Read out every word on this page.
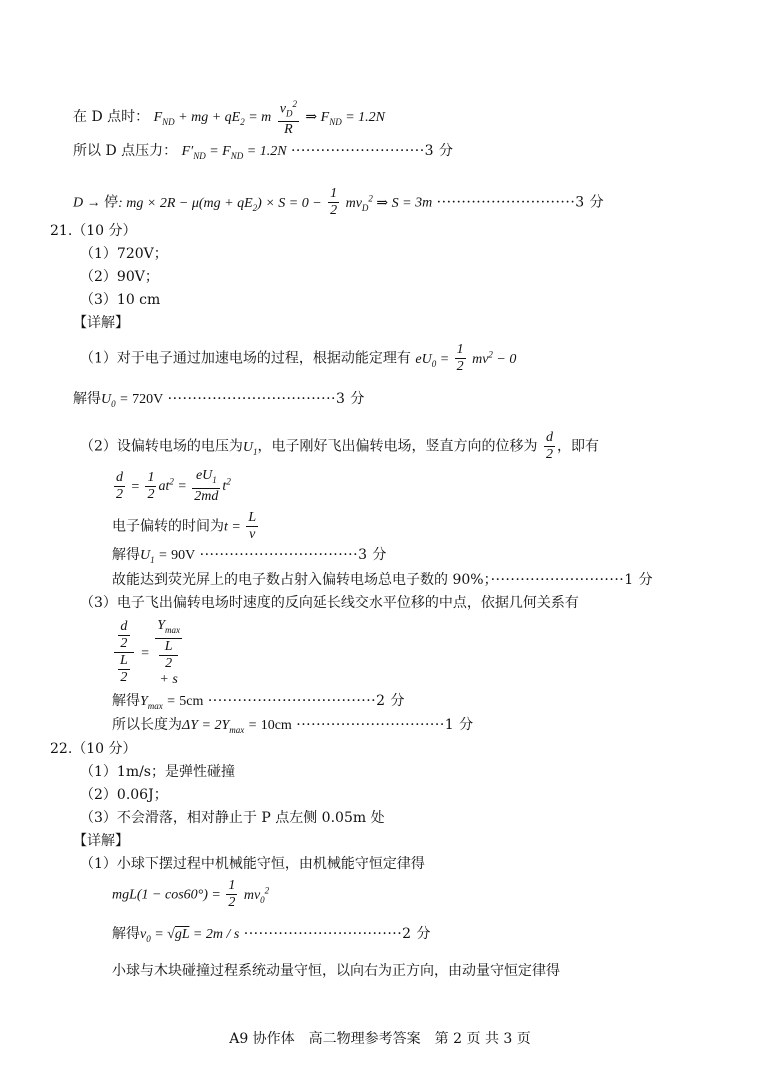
在 D 点时： $F_{ND}$ + mg + $qE_2 = m \frac{v_D^2}{R}$ ⇒ $F_{ND} = 1.2N$
所以 D 点压力： $F'_{ND} = F_{ND} = 1.2N \cdot\cdot\cdot\cdot\cdot\cdot\cdot\cdot\cdot\cdot\cdot\cdot\cdot\cdot\cdot\cdot\cdot\cdot\cdot\cdot\cdot\cdot\cdot\cdot\cdot\cdot\cdot 3$ 分
D → 停: mg × $2R - \mu(mg + qE_2) \times S = 0 - \frac{1}{2} mv_D^2$ ⇒ S = 3m ····························3 分
21.（10 分）
（1）720V；
（2）90V；
（3）10 cm
【详解】
（1）对于电子通过加速电场的过程，根据动能定理有 $eU_0 = \frac{1}{2} mv^2 - 0$
解得$U_0 = 720V \cdot\cdot\cdot\cdot\cdot\cdot\cdot\cdot\cdot\cdot\cdot\cdot\cdot\cdot\cdot\cdot\cdot\cdot\cdot\cdot\cdot\cdot\cdot\cdot\cdot\cdot\cdot\cdot\cdot\cdot\cdot\cdot\cdot\cdot 3$ 分
（2）设偏转电场的电压为$U_1$，电子刚好飞出偏转电场，竖直方向的位移为 $\frac{d}{2}$ ，即有
$\frac{d}{2} = \frac{1}{2} at^2 = \frac{eU_1}{2md} t^2$
电子偏转的时间为$t = \frac{L}{v}$
解得$U_1 = 90V \cdot\cdot\cdot\cdot\cdot\cdot\cdot\cdot\cdot\cdot\cdot\cdot\cdot\cdot\cdot\cdot\cdot\cdot\cdot\cdot\cdot\cdot\cdot\cdot\cdot\cdot\cdot\cdot\cdot\cdot\cdot\cdot 3$ 分
故能达到荧光屏上的电子数占射入偏转电场总电子数的 90%；···························1 分
（3）电子飞出偏转电场时速度的反向延长线交水平位移的中点，依据几何关系有
d
2
L
$2 = Y_{max}$
L
2
+ s
解得$Y_{max} = 5cm \cdot\cdot\cdot\cdot\cdot\cdot\cdot\cdot\cdot\cdot\cdot\cdot\cdot\cdot\cdot\cdot\cdot\cdot\cdot\cdot\cdot\cdot\cdot\cdot\cdot\cdot\cdot\cdot\cdot\cdot\cdot\cdot\cdot\cdot 2$ 分
所以长度为$\Delta Y = 2Y_{max} = 10cm \cdot\cdot\cdot\cdot\cdot\cdot\cdot\cdot\cdot\cdot\cdot\cdot\cdot\cdot\cdot\cdot\cdot\cdot\cdot\cdot\cdot\cdot\cdot\cdot\cdot\cdot\cdot\cdot\cdot\cdot 1$ 分
22.（10 分）
（1）1m/s；是弹性碰撞
（2）0.06J；
（3）不会滑落，相对静止于 P 点左侧 0.05m 处
【详解】
（1）小球下摆过程中机械能守恒，由机械能守恒定律得
$mgL(1 - \cos 60^\circ) = \frac{1}{2} mv_0^2$
解得$v_0 = √gL = 2m / s \cdot\cdot\cdot\cdot\cdot\cdot\cdot\cdot\cdot\cdot\cdot\cdot\cdot\cdot\cdot\cdot\cdot\cdot\cdot\cdot\cdot\cdot\cdot\cdot\cdot\cdot\cdot\cdot\cdot\cdot\cdot\cdot 2$ 分
小球与木块碰撞过程系统动量守恒，以向右为正方向，由动量守恒定律得
A9 协作体　高二物理参考答案　第 2 页 共 3 页
